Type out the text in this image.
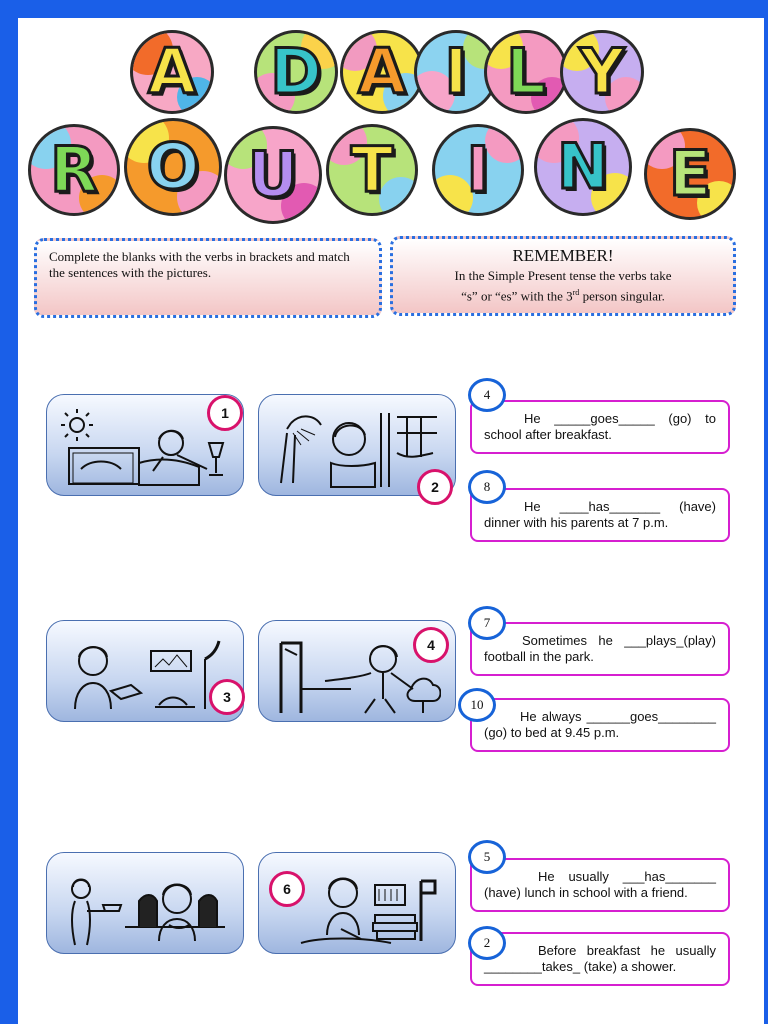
A D A I L Y
R O U T I N E

Complete the blanks with the verbs in brackets and match the sentences with the pictures.

REMEMBER!
In the Simple Present tense the verbs take
“s” or “es” with the 3rd person singular.
1
2
3
4
6
He _____goes_____ (go) to school after breakfast.
4
He ____has_______ (have) dinner with his parents at 7 p.m.
8
Sometimes he ___plays_(play) football in the park.
7
He always ______goes________ (go) to bed at 9.45 p.m.
10
He usually ___has_______ (have) lunch in school with a friend.
5
Before breakfast he usually ________takes_ (take) a shower.
2
